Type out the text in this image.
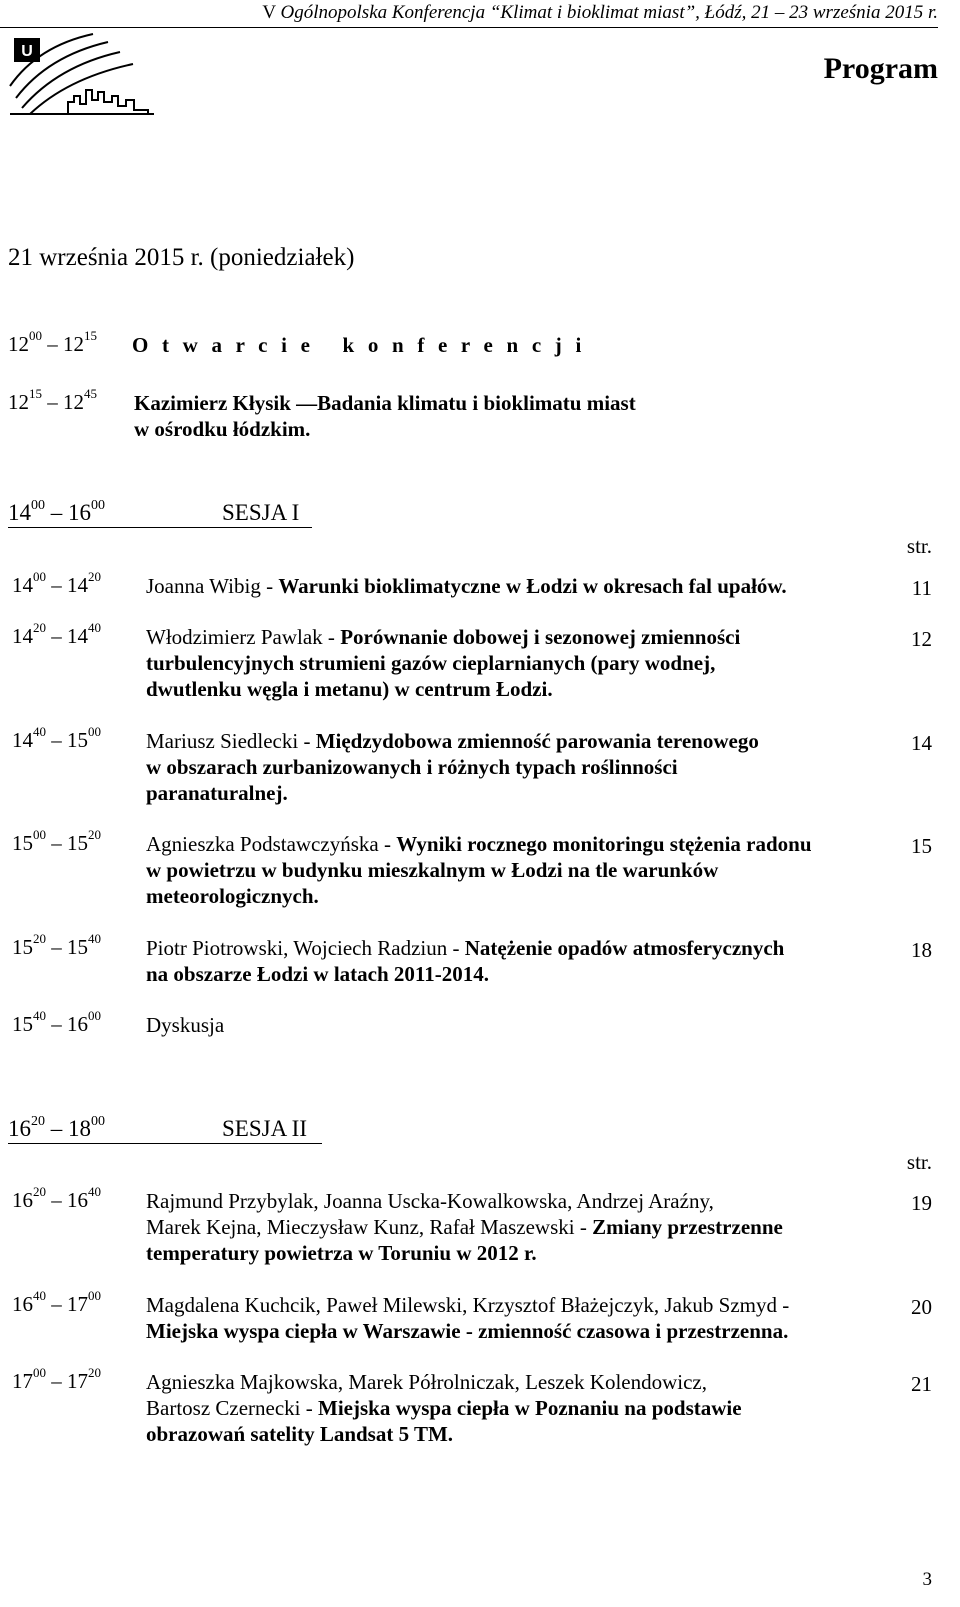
V Ogólnopolska Konferencja “Klimat i bioklimat miast”, Łódź, 21 – 23 września 2015 r.
U
Program
21 września 2015 r. (poniedziałek)
$12^{00} - 12^{15}$ O t w a r c i e   k o n f e r e n c j i
$12^{15} - 12^{45}$ Kazimierz Kłysik —Badania klimatu i bioklimatu miast
w ośrodku łódzkim.
$14^{00} - 16^{00}$	SESJA I
str.
$14^{00} - 14^{20}$ Joanna Wibig - Warunki bioklimatyczne w Łodzi w okresach fal upałów.	11
$14^{20} - 14^{40}$ Włodzimierz Pawlak - Porównanie dobowej i sezonowej zmienności
turbulencyjnych strumieni gazów cieplarnianych (pary wodnej,
dwutlenku węgla i metanu) w centrum Łodzi.
12
$14^{40} - 15^{00}$ Mariusz Siedlecki - Międzydobowa zmienność parowania terenowego
w obszarach zurbanizowanych i różnych typach roślinności
paranaturalnej.
14
$15^{00} - 15^{20}$ Agnieszka Podstawczyńska - Wyniki rocznego monitoringu stężenia radonu
w powietrzu w budynku mieszkalnym w Łodzi na tle warunków
meteorologicznych.
15
$15^{20} - 15^{40}$ Piotr Piotrowski, Wojciech Radziun - Natężenie opadów atmosferycznych
na obszarze Łodzi w latach 2011-2014.
18
$15^{40} - 16^{00}$ Dyskusja
$16^{20} - 18^{00}$	SESJA II
str.
$16^{20} - 16^{40}$ Rajmund Przybylak, Joanna Uscka-Kowalkowska, Andrzej Araźny,
Marek Kejna, Mieczysław Kunz, Rafał Maszewski - Zmiany przestrzenne
temperatury powietrza w Toruniu w 2012 r.
19
$16^{40} - 17^{00}$ Magdalena Kuchcik, Paweł Milewski, Krzysztof Błażejczyk, Jakub Szmyd -
Miejska wyspa ciepła w Warszawie - zmienność czasowa i przestrzenna.
20
$17^{00} - 17^{20}$ Agnieszka Majkowska, Marek Półrolniczak, Leszek Kolendowicz,
Bartosz Czernecki - Miejska wyspa ciepła w Poznaniu na podstawie
obrazowań satelity Landsat 5 TM.
21
3
